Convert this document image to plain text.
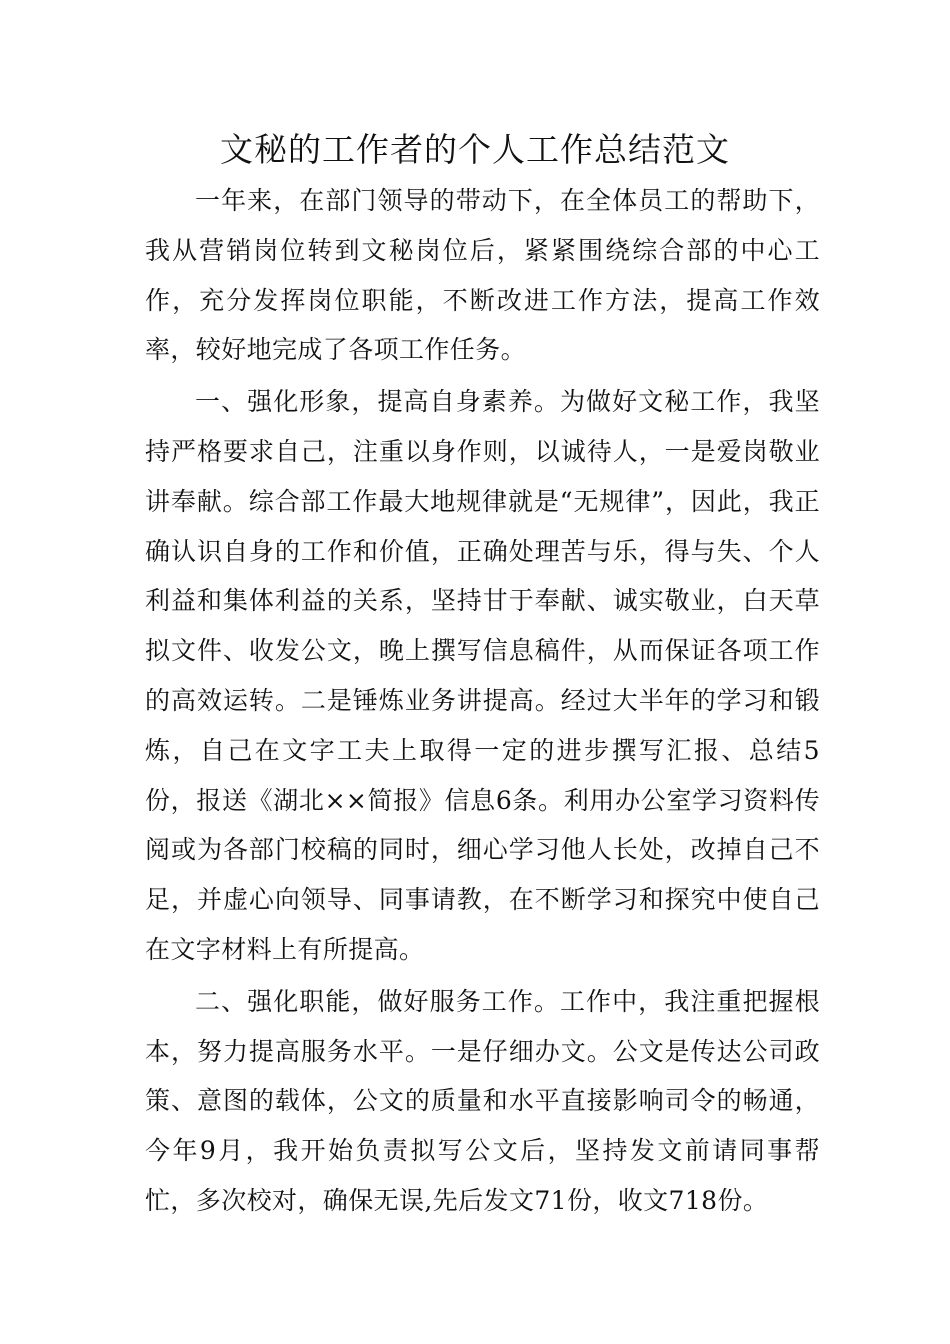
文秘的工作者的个人工作总结范文

一年来，在部门领导的带动下，在全体员工的帮助下，我从营销岗位转到文秘岗位后，紧紧围绕综合部的中心工作，充分发挥岗位职能，不断改进工作方法，提高工作效率，较好地完成了各项工作任务。

一、强化形象，提高自身素养。为做好文秘工作，我坚持严格要求自己，注重以身作则，以诚待人，一是爱岗敬业讲奉献。综合部工作最大地规律就是“无规律”，因此，我正确认识自身的工作和价值，正确处理苦与乐，得与失、个人利益和集体利益的关系，坚持甘于奉献、诚实敬业，白天草拟文件、收发公文，晚上撰写信息稿件，从而保证各项工作的高效运转。二是锤炼业务讲提高。经过大半年的学习和锻炼，自己在文字工夫上取得一定的进步撰写汇报、总结5份，报送《湖北××简报》信息6条。利用办公室学习资料传阅或为各部门校稿的同时，细心学习他人长处，改掉自己不足，并虚心向领导、同事请教，在不断学习和探究中使自己在文字材料上有所提高。

二、强化职能，做好服务工作。工作中，我注重把握根本，努力提高服务水平。一是仔细办文。公文是传达公司政策、意图的载体，公文的质量和水平直接影响司令的畅通，今年9月，我开始负责拟写公文后，坚持发文前请同事帮忙，多次校对，确保无误,先后发文71份，收文718份。
